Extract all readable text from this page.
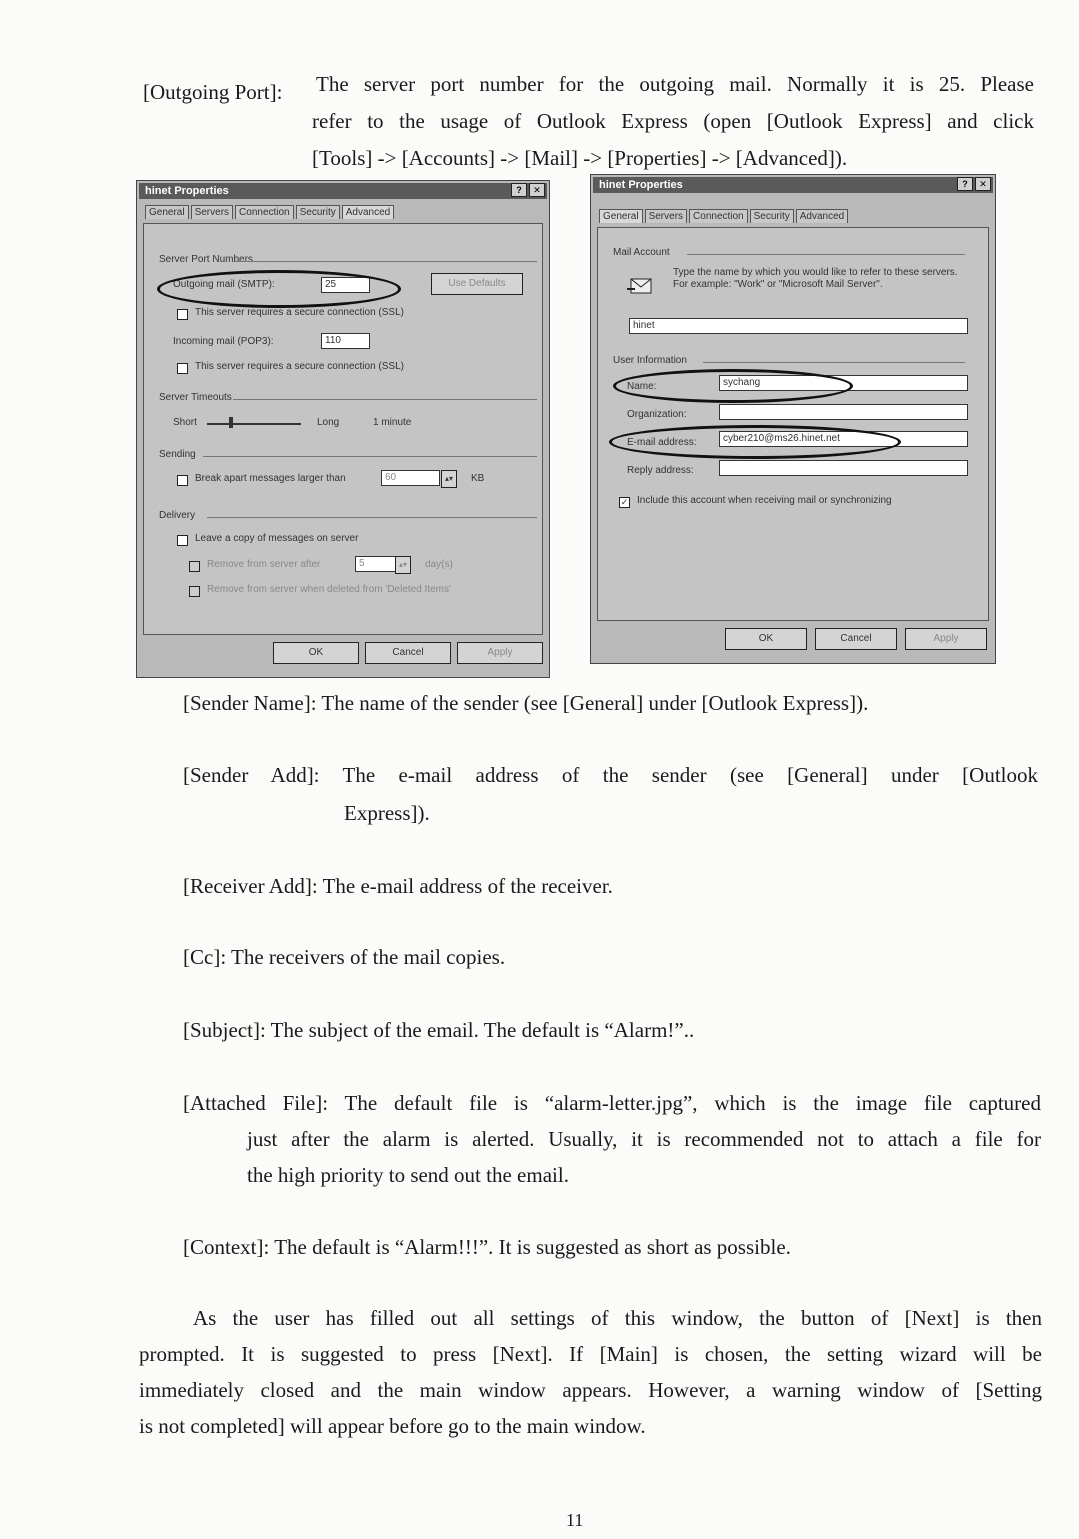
[Outgoing Port]: The server port number for the outgoing mail. Normally it is 25. Please
refer to the usage of Outlook Express (open [Outlook Express] and click
[Tools] -> [Accounts] -> [Mail] -> [Properties] -> [Advanced]).
hinet Properties	?	✕
General Servers Connection Security Advanced
Server Port Numbers
Outgoing mail (SMTP):	25	Use Defaults
This server requires a secure connection (SSL)
Incoming mail (POP3):	110
This server requires a secure connection (SSL)
Server Timeouts
Short	Long	1 minute
Sending
Break apart messages larger than	60	▴▾	KB
Delivery
Leave a copy of messages on server
Remove from server after	5	▴▾	day(s)
Remove from server when deleted from 'Deleted Items'
OK	Cancel	Apply
hinet Properties	?	✕
General Servers Connection Security Advanced
Mail Account
Type the name by which you would like to refer to these servers. For example: "Work" or "Microsoft Mail Server".
hinet
User Information
Name:	sychang
Organization:
E-mail address:	cyber210@ms26.hinet.net
Reply address:
✓ Include this account when receiving mail or synchronizing
OK	Cancel	Apply
[Sender Name]: The name of the sender (see [General] under [Outlook Express]).
[Sender Add]: The e-mail address of the sender (see [General] under [Outlook
Express]).
[Receiver Add]: The e-mail address of the receiver.
[Cc]: The receivers of the mail copies.
[Subject]: The subject of the email. The default is “Alarm!”..
[Attached File]: The default file is “alarm-letter.jpg”, which is the image file captured
just after the alarm is alerted. Usually, it is recommended not to attach a file for
the high priority to send out the email.
[Context]: The default is “Alarm!!!”. It is suggested as short as possible.
As the user has filled out all settings of this window, the button of [Next] is then
prompted. It is suggested to press [Next]. If [Main] is chosen, the setting wizard will be
immediately closed and the main window appears. However, a warning window of [Setting
is not completed] will appear before go to the main window.
11
